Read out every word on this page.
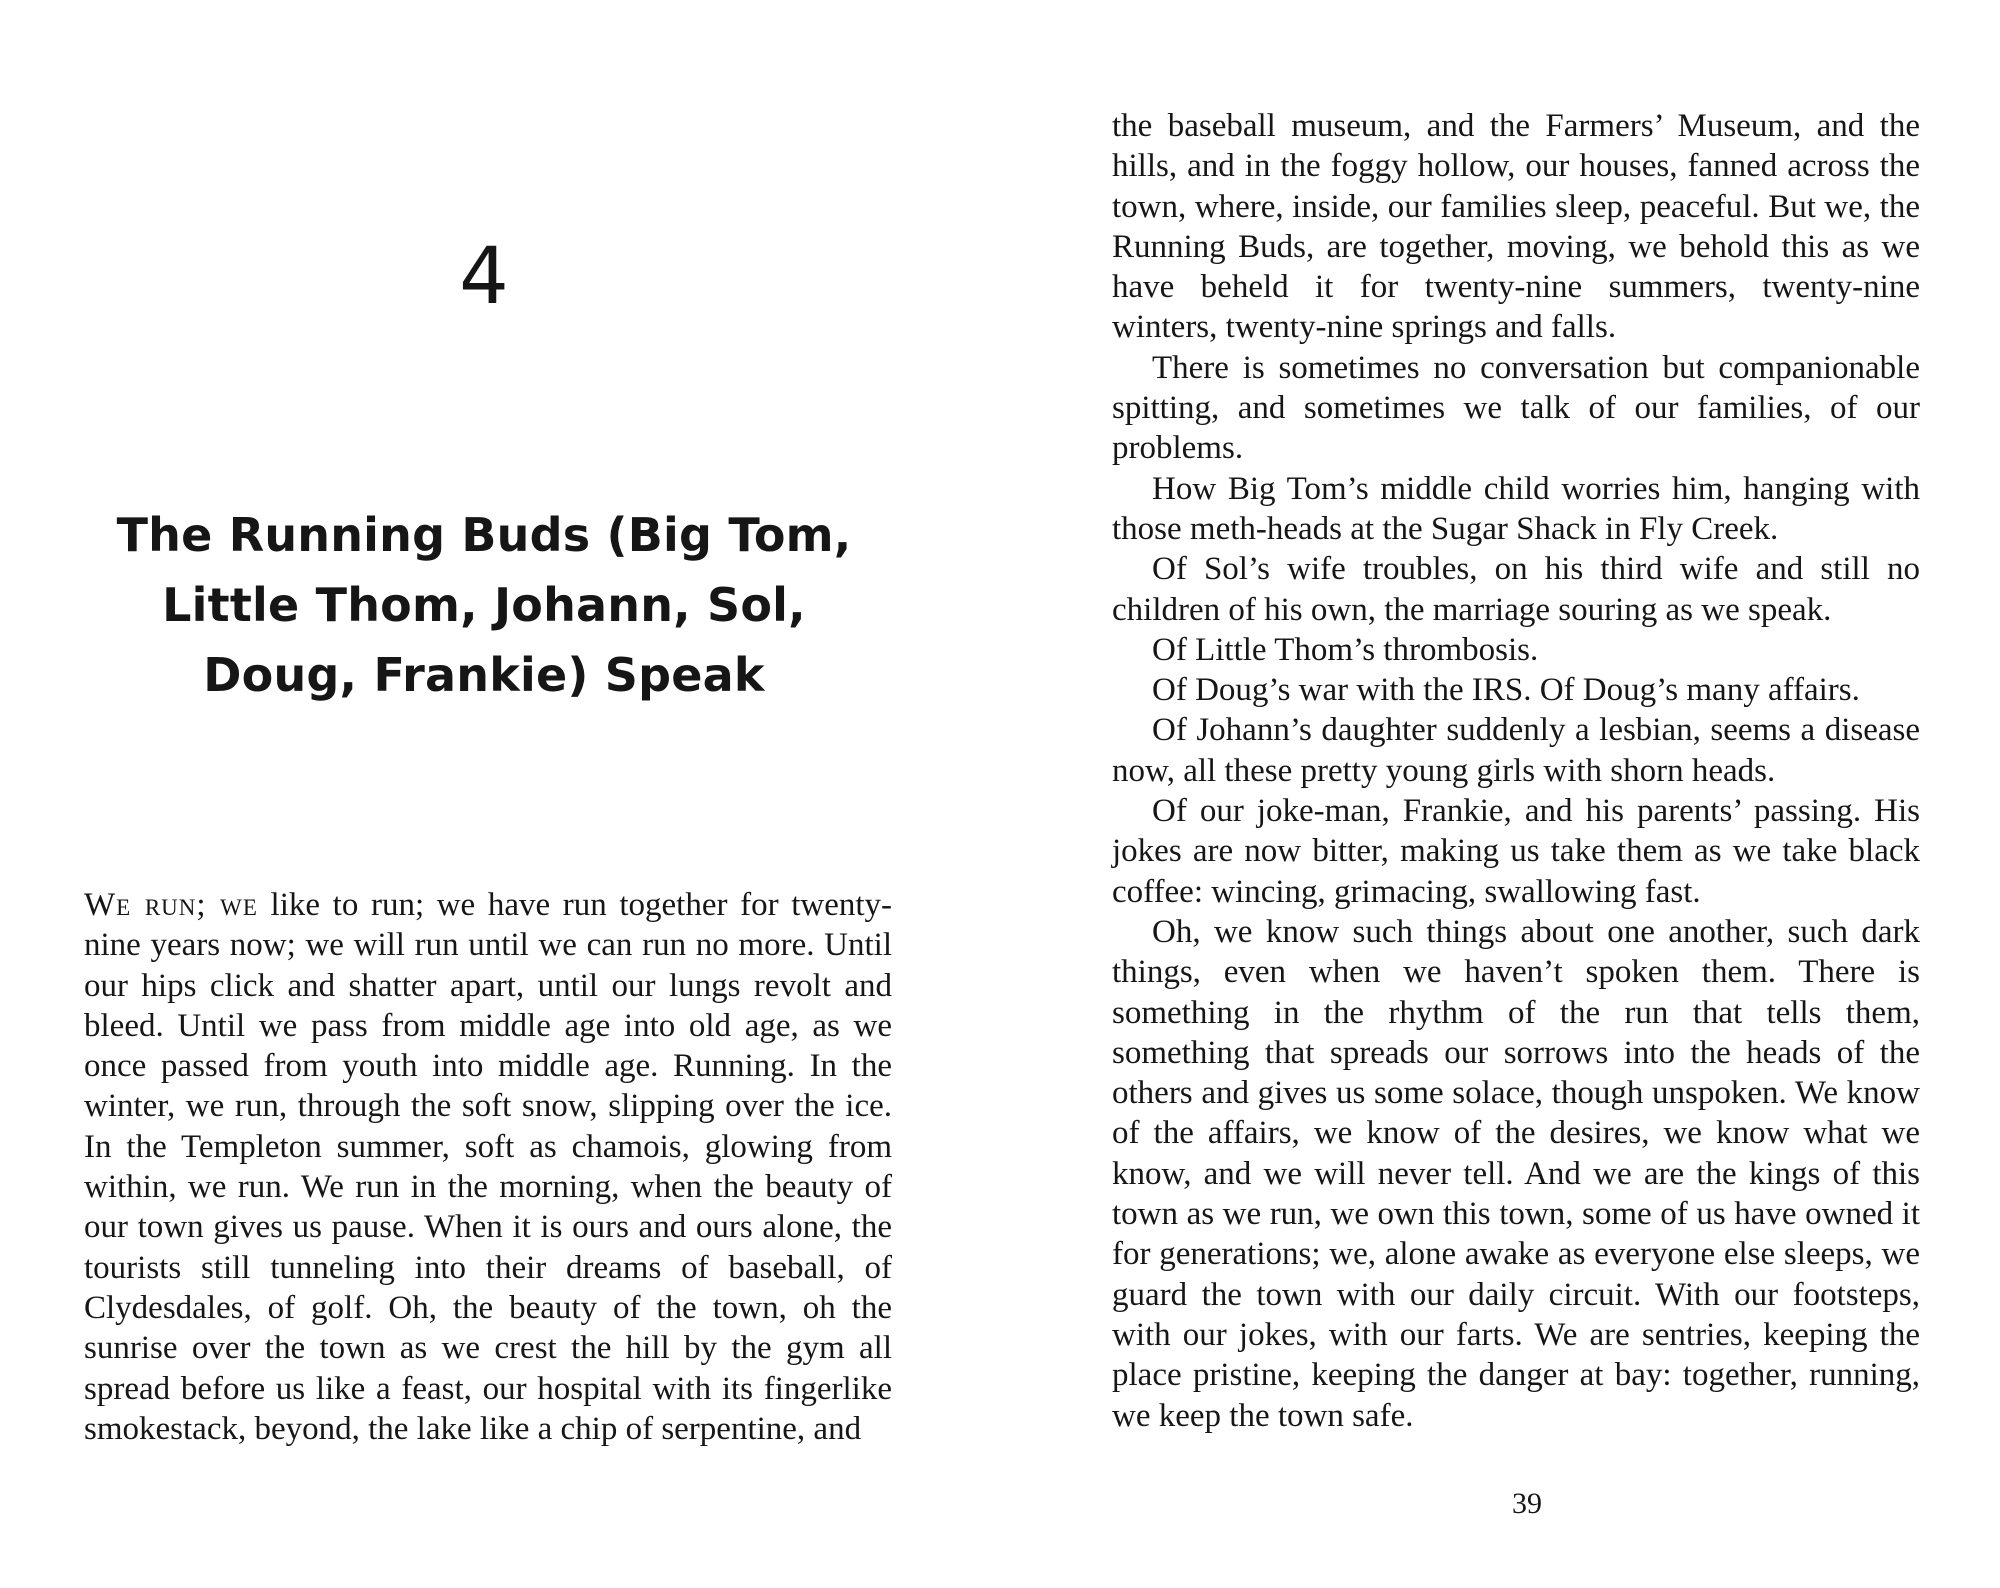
4
The Running Buds (Big Tom, Little Thom, Johann, Sol, Doug, Frankie) Speak

We run; we like to run; we have run together for twenty-nine years now; we will run until we can run no more. Until our hips click and shatter apart, until our lungs revolt and bleed. Until we pass from middle age into old age, as we once passed from youth into middle age. Running. In the winter, we run, through the soft snow, slipping over the ice. In the Templeton summer, soft as chamois, glowing from within, we run. We run in the morning, when the beauty of our town gives us pause. When it is ours and ours alone, the tourists still tunneling into their dreams of baseball, of Clydesdales, of golf. Oh, the beauty of the town, oh the sunrise over the town as we crest the hill by the gym all spread before us like a feast, our hospital with its fingerlike smokestack, beyond, the lake like a chip of serpentine, and

the baseball museum, and the Farmers’ Museum, and the hills, and in the foggy hollow, our houses, fanned across the town, where, inside, our families sleep, peaceful. But we, the Running Buds, are together, moving, we behold this as we have beheld it for twenty-nine summers, twenty-nine winters, twenty-nine springs and falls.

There is sometimes no conversation but companionable spitting, and sometimes we talk of our families, of our problems.

How Big Tom’s middle child worries him, hanging with those meth-heads at the Sugar Shack in Fly Creek.

Of Sol’s wife troubles, on his third wife and still no children of his own, the marriage souring as we speak.

Of Little Thom’s thrombosis.

Of Doug’s war with the IRS. Of Doug’s many affairs.

Of Johann’s daughter suddenly a lesbian, seems a disease now, all these pretty young girls with shorn heads.

Of our joke-man, Frankie, and his parents’ passing. His jokes are now bitter, making us take them as we take black coffee: wincing, grimacing, swallowing fast.

Oh, we know such things about one another, such dark things, even when we haven’t spoken them. There is something in the rhythm of the run that tells them, something that spreads our sorrows into the heads of the others and gives us some solace, though unspoken. We know of the affairs, we know of the desires, we know what we know, and we will never tell. And we are the kings of this town as we run, we own this town, some of us have owned it for generations; we, alone awake as everyone else sleeps, we guard the town with our daily circuit. With our footsteps, with our jokes, with our farts. We are sentries, keeping the place pristine, keeping the danger at bay: together, running, we keep the town safe.

39
